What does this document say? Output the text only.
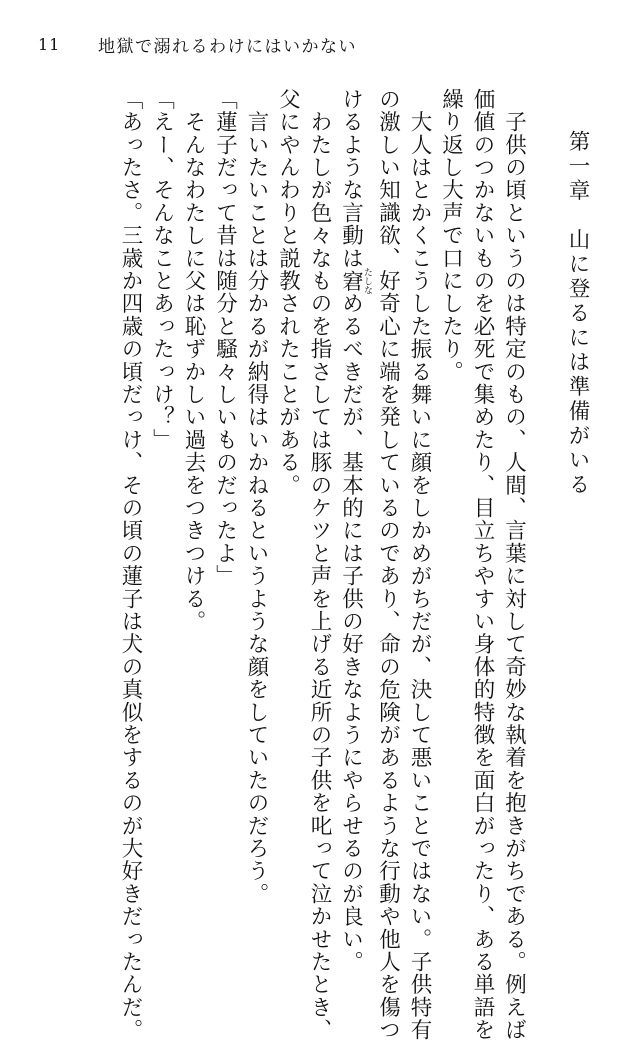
11	地獄で溺れるわけにはいかない
第一章　山に登るには準備がいる
　子供の頃というのは特定のもの、人間、言葉に対して奇妙な執着を抱きがちである。例えば
価値のつかないものを必死で集めたり、目立ちやすい身体的特徴を面白がったり、ある単語を
繰り返し大声で口にしたり。
　大人はとかくこうした振る舞いに顔をしかめがちだが、決して悪いことではない。子供特有
の激しい知識欲、好奇心に端を発しているのであり、命の危険があるような行動や他人を傷つ
けるような言動は窘たしなめるべきだが、基本的には子供の好きなようにやらせるのが良い。
　わたしが色々なものを指さしては豚のケツと声を上げる近所の子供を叱って泣かせたとき、
父にやんわりと説教されたことがある。
　言いたいことは分かるが納得はいかねるというような顔をしていたのだろう。
「蓮子だって昔は随分と騒々しいものだったよ」
　そんなわたしに父は恥ずかしい過去をつきつける。
「えー、そんなことあったっけ？」
「あったさ。三歳か四歳の頃だっけ、その頃の蓮子は犬の真似をするのが大好きだったんだ。
